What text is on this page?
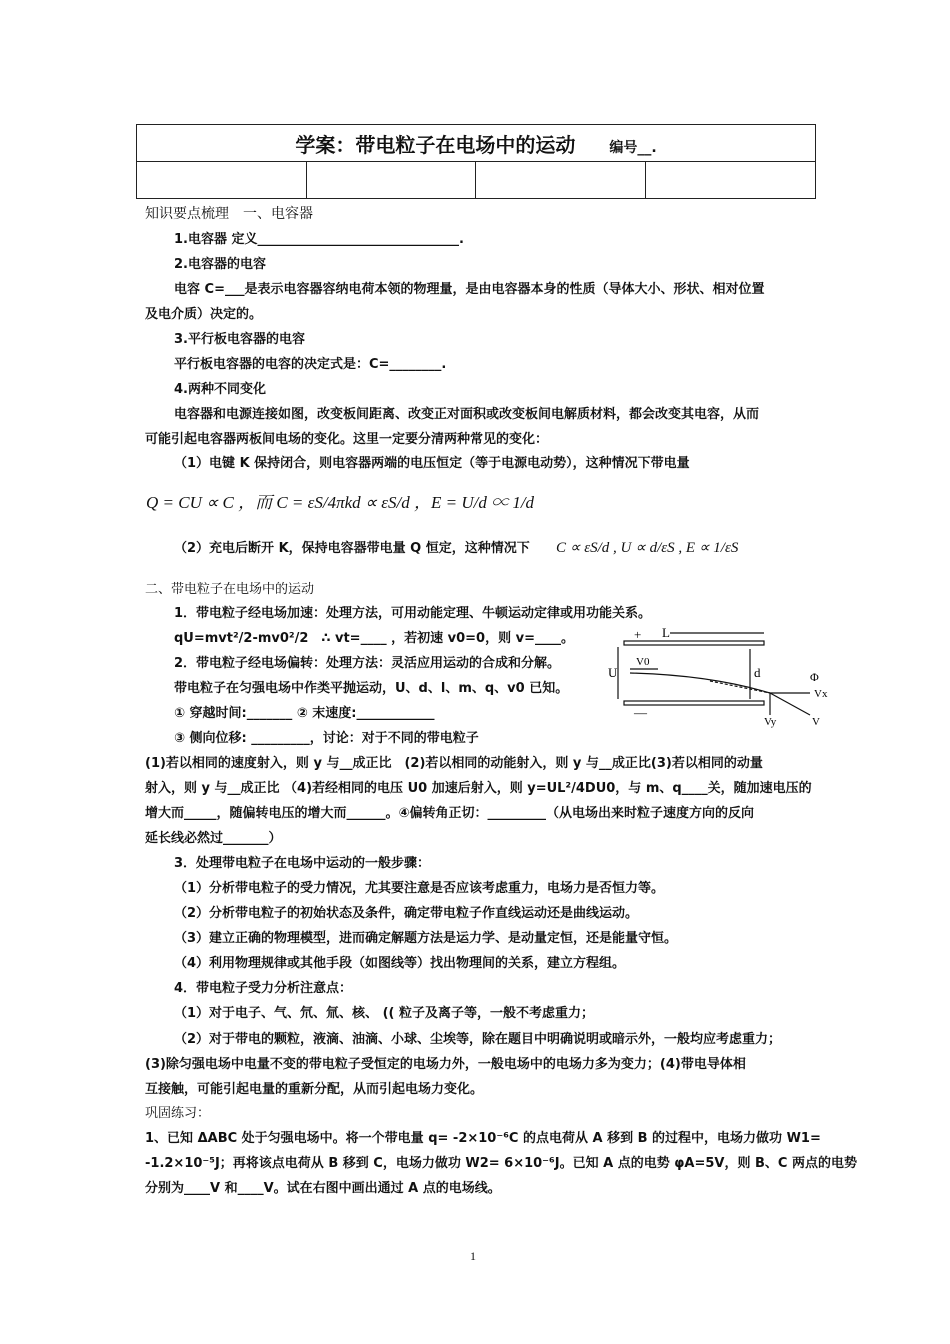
学案：带电粒子在电场中的运动 编号__.

知识要点梳理　一、电容器
1.电容器 定义_______________________________.
2.电容器的电容
电容 C=___是表示电容器容纳电荷本领的物理量，是由电容器本身的性质（导体大小、形状、相对位置
及电介质）决定的。
3.平行板电容器的电容
平行板电容器的电容的决定式是：C=________.
4.两种不同变化
电容器和电源连接如图，改变板间距离、改变正对面积或改变板间电解质材料，都会改变其电容，从而
可能引起电容器两板间电场的变化。这里一定要分清两种常见的变化：
（1）电键 K 保持闭合，则电容器两端的电压恒定（等于电源电动势），这种情况下带电量
Q = CU ∝ C ，而 C = εS/4πkd ∝ εS/d ，E = U/d ∝ 1/d
（2）充电后断开 K，保持电容器带电量 Q 恒定，这种情况下 C ∝ εS/d , U ∝ d/εS , E ∝ 1/εS
二、带电粒子在电场中的运动
1．带电粒子经电场加速：处理方法，可用动能定理、牛顿运动定律或用功能关系。
qU=mvt²/2-mv0²/2　∴ vt=____ ，若初速 v0=0，则 v=____。
2．带电粒子经电场偏转：处理方法：灵活应用运动的合成和分解。
带电粒子在匀强电场中作类平抛运动，U、d、l、m、q、v0 已知。
① 穿越时间:_______ ② 末速度:____________
③ 侧向位移: _________，讨论：对于不同的带电粒子
+
—
L
U	d
V0
Φ
Vx
Vy	V
(1)若以相同的速度射入，则 y 与__成正比　(2)若以相同的动能射入，则 y 与__成正比(3)若以相同的动量
射入，则 y 与__成正比 （4)若经相同的电压 U0 加速后射入，则 y=UL²/4DU0，与 m、q____关，随加速电压的
增大而_____，随偏转电压的增大而______。④偏转角正切：_________（从电场出来时粒子速度方向的反向
延长线必然过_______）
3．处理带电粒子在电场中运动的一般步骤：
（1）分析带电粒子的受力情况，尤其要注意是否应该考虑重力，电场力是否恒力等。
（2）分析带电粒子的初始状态及条件，确定带电粒子作直线运动还是曲线运动。
（3）建立正确的物理模型，进而确定解题方法是运力学、是动量定恒，还是能量守恒。
（4）利用物理规律或其他手段（如图线等）找出物理间的关系，建立方程组。
4．带电粒子受力分析注意点：
（1）对于电子、气、氘、氚、核、 (( 粒子及离子等，一般不考虑重力；
（2）对于带电的颗粒，液滴、油滴、小球、尘埃等，除在题目中明确说明或暗示外，一般均应考虑重力；
(3)除匀强电场中电量不变的带电粒子受恒定的电场力外，一般电场中的电场力多为变力；(4)带电导体相
互接触，可能引起电量的重新分配，从而引起电场力变化。
巩固练习：
1、已知 ΔABC 处于匀强电场中。将一个带电量 q= -2×10⁻⁶C 的点电荷从 A 移到 B 的过程中，电场力做功 W1=
-1.2×10⁻⁵J；再将该点电荷从 B 移到 C，电场力做功 W2= 6×10⁻⁶J。已知 A 点的电势 φA=5V，则 B、C 两点的电势
分别为____V 和____V。试在右图中画出通过 A 点的电场线。
1
